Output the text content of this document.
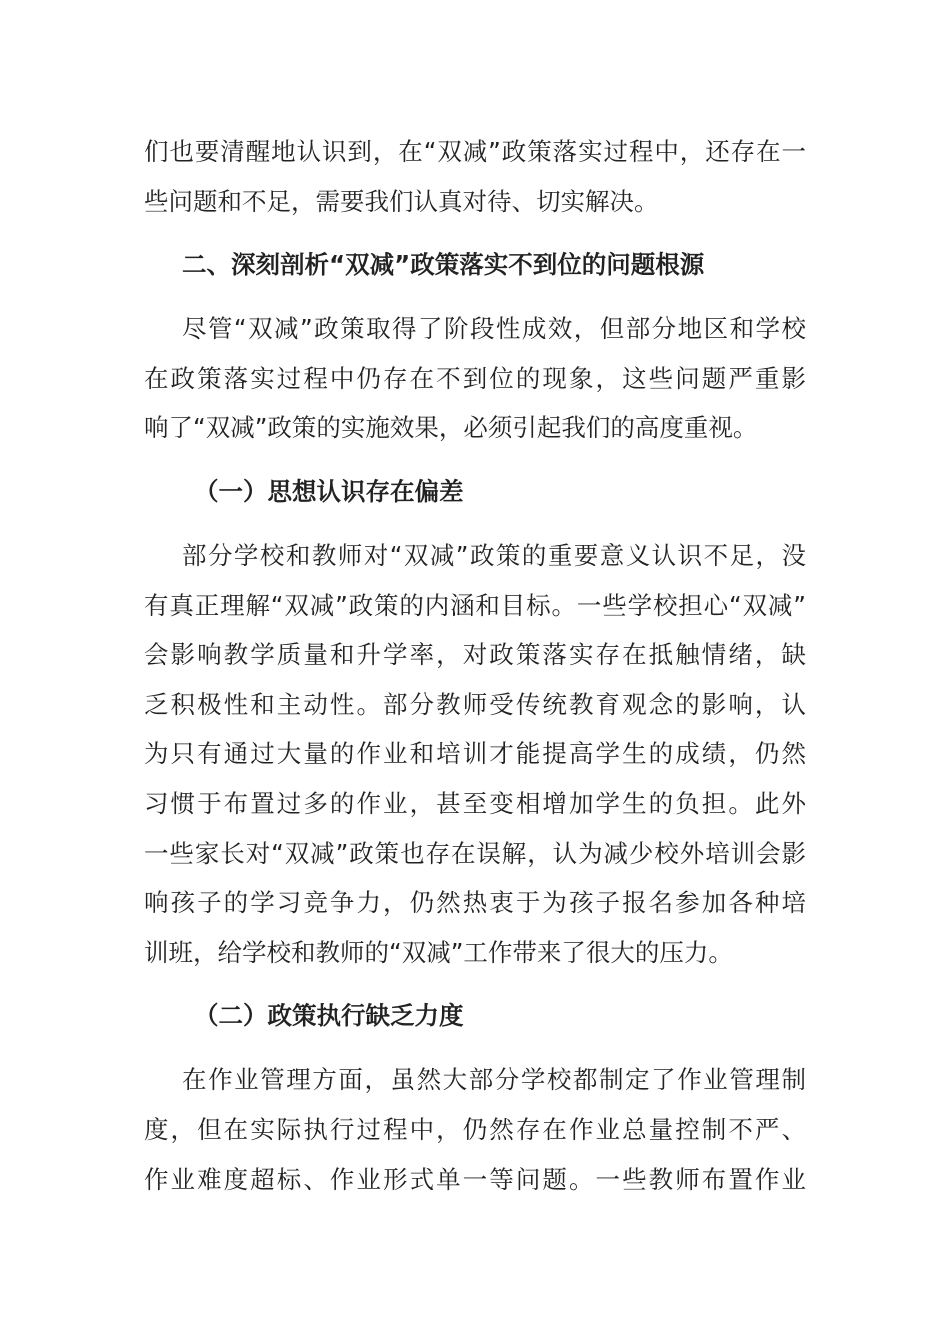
们也要清醒地认识到，在“双减”政策落实过程中，还存在一
些问题和不足，需要我们认真对待、切实解决。
二、深刻剖析“双减”政策落实不到位的问题根源
尽管“双减”政策取得了阶段性成效，但部分地区和学校
在政策落实过程中仍存在不到位的现象，这些问题严重影
响了“双减”政策的实施效果，必须引起我们的高度重视。
（一）思想认识存在偏差
部分学校和教师对“双减”政策的重要意义认识不足，没
有真正理解“双减”政策的内涵和目标。一些学校担心“双减”
会影响教学质量和升学率，对政策落实存在抵触情绪，缺
乏积极性和主动性。部分教师受传统教育观念的影响，认
为只有通过大量的作业和培训才能提高学生的成绩，仍然
习惯于布置过多的作业，甚至变相增加学生的负担。此外
一些家长对“双减”政策也存在误解，认为减少校外培训会影
响孩子的学习竞争力，仍然热衷于为孩子报名参加各种培
训班，给学校和教师的“双减”工作带来了很大的压力。
（二）政策执行缺乏力度
在作业管理方面，虽然大部分学校都制定了作业管理制
度，但在实际执行过程中，仍然存在作业总量控制不严、
作业难度超标、作业形式单一等问题。一些教师布置作业
